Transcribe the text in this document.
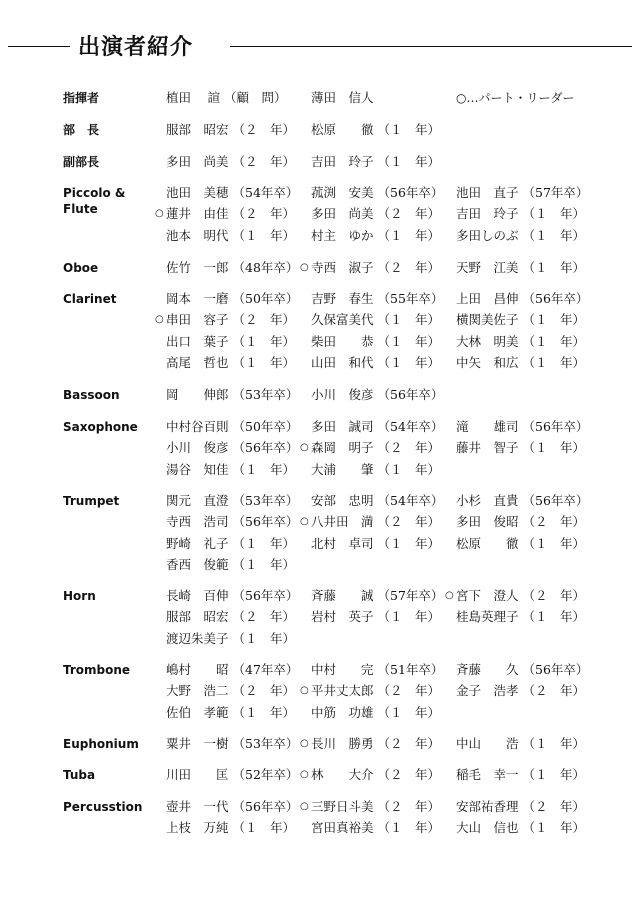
出演者紹介
○…パート・リーダー
指揮者	植田　 諠 （顧　問） 薄田　信人
部　長	服部　昭宏 （２　年） 松原　　徹 （１　年）
副部長	多田　尚美 （２　年） 吉田　玲子 （１　年）
Piccolo &
Flute
池田　美穂 （54年卒） 菰渕　安美 （56年卒） 池田　直子 （57年卒）
○ 蓮井　由佳 （２　年） 多田　尚美 （２　年） 吉田　玲子 （１　年）
池本　明代 （１　年） 村主　ゆか （１　年） 多田しのぶ （１　年）
Oboe	佐竹　一郎 （48年卒） ○ 寺西　淑子 （２　年） 天野　江美 （１　年）
Clarinet	岡本　一磨 （50年卒） 吉野　春生 （55年卒） 上田　昌伸 （56年卒）
○ 串田　容子 （２　年） 久保富美代 （１　年） 横関美佐子 （１　年）
出口　葉子 （１　年） 柴田　　恭 （１　年） 大林　明美 （１　年）
高尾　哲也 （１　年） 山田　和代 （１　年） 中矢　和広 （１　年）
Bassoon	岡　　伸郎 （53年卒） 小川　俊彦 （56年卒）
Saxophone 中村谷百則 （50年卒） 多田　誠司 （54年卒） 滝　　雄司 （56年卒）
小川　俊彦 （56年卒） ○ 森岡　明子 （２　年） 藤井　智子 （１　年）
湯谷　知佳 （１　年） 大浦　　肇 （１　年）
Trumpet	関元　直澄 （53年卒） 安部　忠明 （54年卒） 小杉　直貴 （56年卒）
寺西　浩司 （56年卒） ○ 八井田　満 （２　年） 多田　俊昭 （２　年）
野崎　礼子 （１　年） 北村　卓司 （１　年） 松原　　徹 （１　年）
香西　俊範 （１　年）
Horn	長崎　百伸 （56年卒） 斉藤　　誠 （57年卒） ○ 宮下　澄人 （２　年）
服部　昭宏 （２　年） 岩村　英子 （１　年） 桂島英理子 （１　年）
渡辺朱美子 （１　年）
Trombone	嶋村　　昭 （47年卒） 中村　　完 （51年卒） 斉藤　　久 （56年卒）
大野　浩二 （２　年） ○ 平井丈太郎 （２　年） 金子　浩孝 （２　年）
佐伯　孝範 （１　年） 中筋　功雄 （１　年）
Euphonium 粟井　一樹 （53年卒） ○ 長川　勝勇 （２　年） 中山　　浩 （１　年）
Tuba	川田　　匡 （52年卒） ○ 林　　大介 （２　年） 稲毛　幸一 （１　年）
Percusstion 壺井　一代 （56年卒） ○ 三野日斗美 （２　年） 安部祐香理 （２　年）
上枝　万純 （１　年） 宮田真裕美 （１　年） 大山　信也 （１　年）
